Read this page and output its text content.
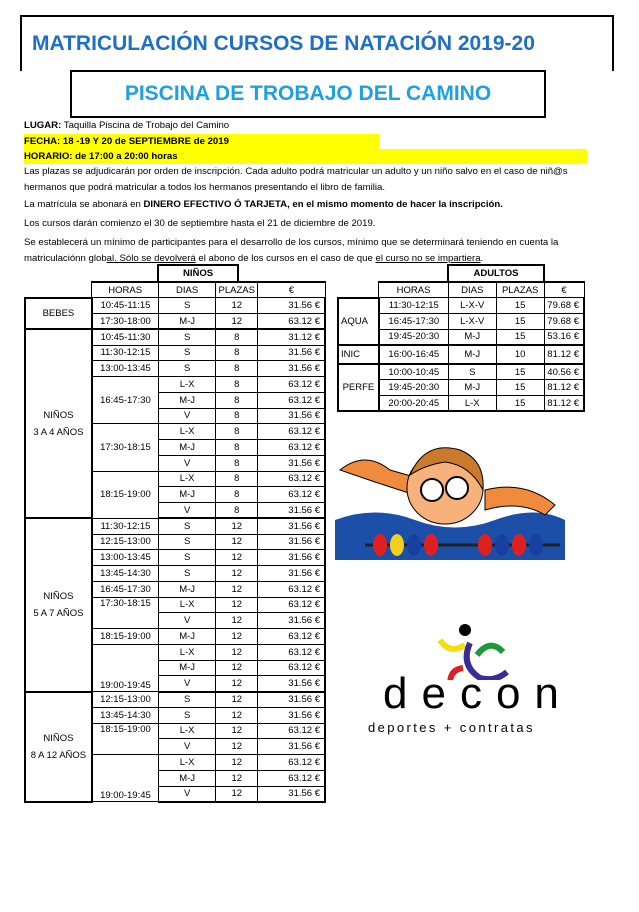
MATRICULACIÓN CURSOS DE NATACIÓN 2019-20
PISCINA DE TROBAJO DEL CAMINO
LUGAR: Taquilla Piscina de Trobajo del Camino
FECHA: 18 -19 Y 20 de SEPTIEMBRE de 2019
HORARIO: de 17:00 a 20:00 horas
Las plazas se adjudicarán por orden de inscripción. Cada adulto podrá matricular un adulto y un niño salvo en el caso de niñ@s hermanos que podrá matricular a todos los hermanos presentando el libro de familia.
La matrícula se abonará en DINERO EFECTIVO Ó TARJETA, en el mismo momento de hacer la inscripción.
Los cursos darán comienzo el 30 de septiembre hasta el 21 de diciembre de 2019.
Se establecerá un mínimo de participantes para el desarrollo de los cursos, mínimo que se determinará teniendo en cuenta la matriculaciónn global. Sólo se devolverá el abono de los cursos en el caso de que el curso no se impartiera.
NIÑOS
	HORAS	DIAS	PLAZAS	€
BEBES	10:45-11:15	S	12	31.56 €
	17:30-18:00	M-J	12	63.12 €
NIÑOS
3 A 4 AÑOS	10:45-11:30	S	8	31.12 €
	11:30-12:15	S	8	31.56 €
	13:00-13:45	S	8	31.56 €
	16:45-17:30	L-X	8	63.12 €
		M-J	8	63.12 €
		V	8	31.56 €
	17:30-18:15	L-X	8	63.12 €
		M-J	8	63.12 €
		V	8	31.56 €
	18:15-19:00	L-X	8	63.12 €
		M-J	8	63.12 €
		V	8	31.56 €
NIÑOS
5 A 7 AÑOS	11:30-12:15	S	12	31.56 €
	12:15-13:00	S	12	31.56 €
	13:00-13:45	S	12	31.56 €
	13:45-14:30	S	12	31.56 €
	16:45-17:30	M-J	12	63.12 €
	17:30-18:15	L-X	12	63.12 €
		V	12	31.56 €
	18:15-19:00	M-J	12	63.12 €
	19:00-19:45	L-X	12	63.12 €
		M-J	12	63.12 €
		V	12	31.56 €
NIÑOS
8 A 12 AÑOS	12:15-13:00	S	12	31.56 €
	13:45-14:30	S	12	31.56 €
	18:15-19:00	L-X	12	63.12 €
		V	12	31.56 €
	19:00-19:45	L-X	12	63.12 €
		M-J	12	63.12 €
		V	12	31.56 €
ADULTOS
	HORAS	DIAS	PLAZAS	€
AQUA	11:30-12:15	L-X-V	15	79.68 €
	16:45-17:30	L-X-V	15	79.68 €
	19:45-20:30	M-J	15	53.16 €
INIC	16:00-16:45	M-J	10	81.12 €
PERFE	10:00-10:45	S	15	40.56 €
	19:45-20:30	M-J	15	81.12 €
	20:00-20:45	L-X	15	81.12 €
decon
deportes + contratas
